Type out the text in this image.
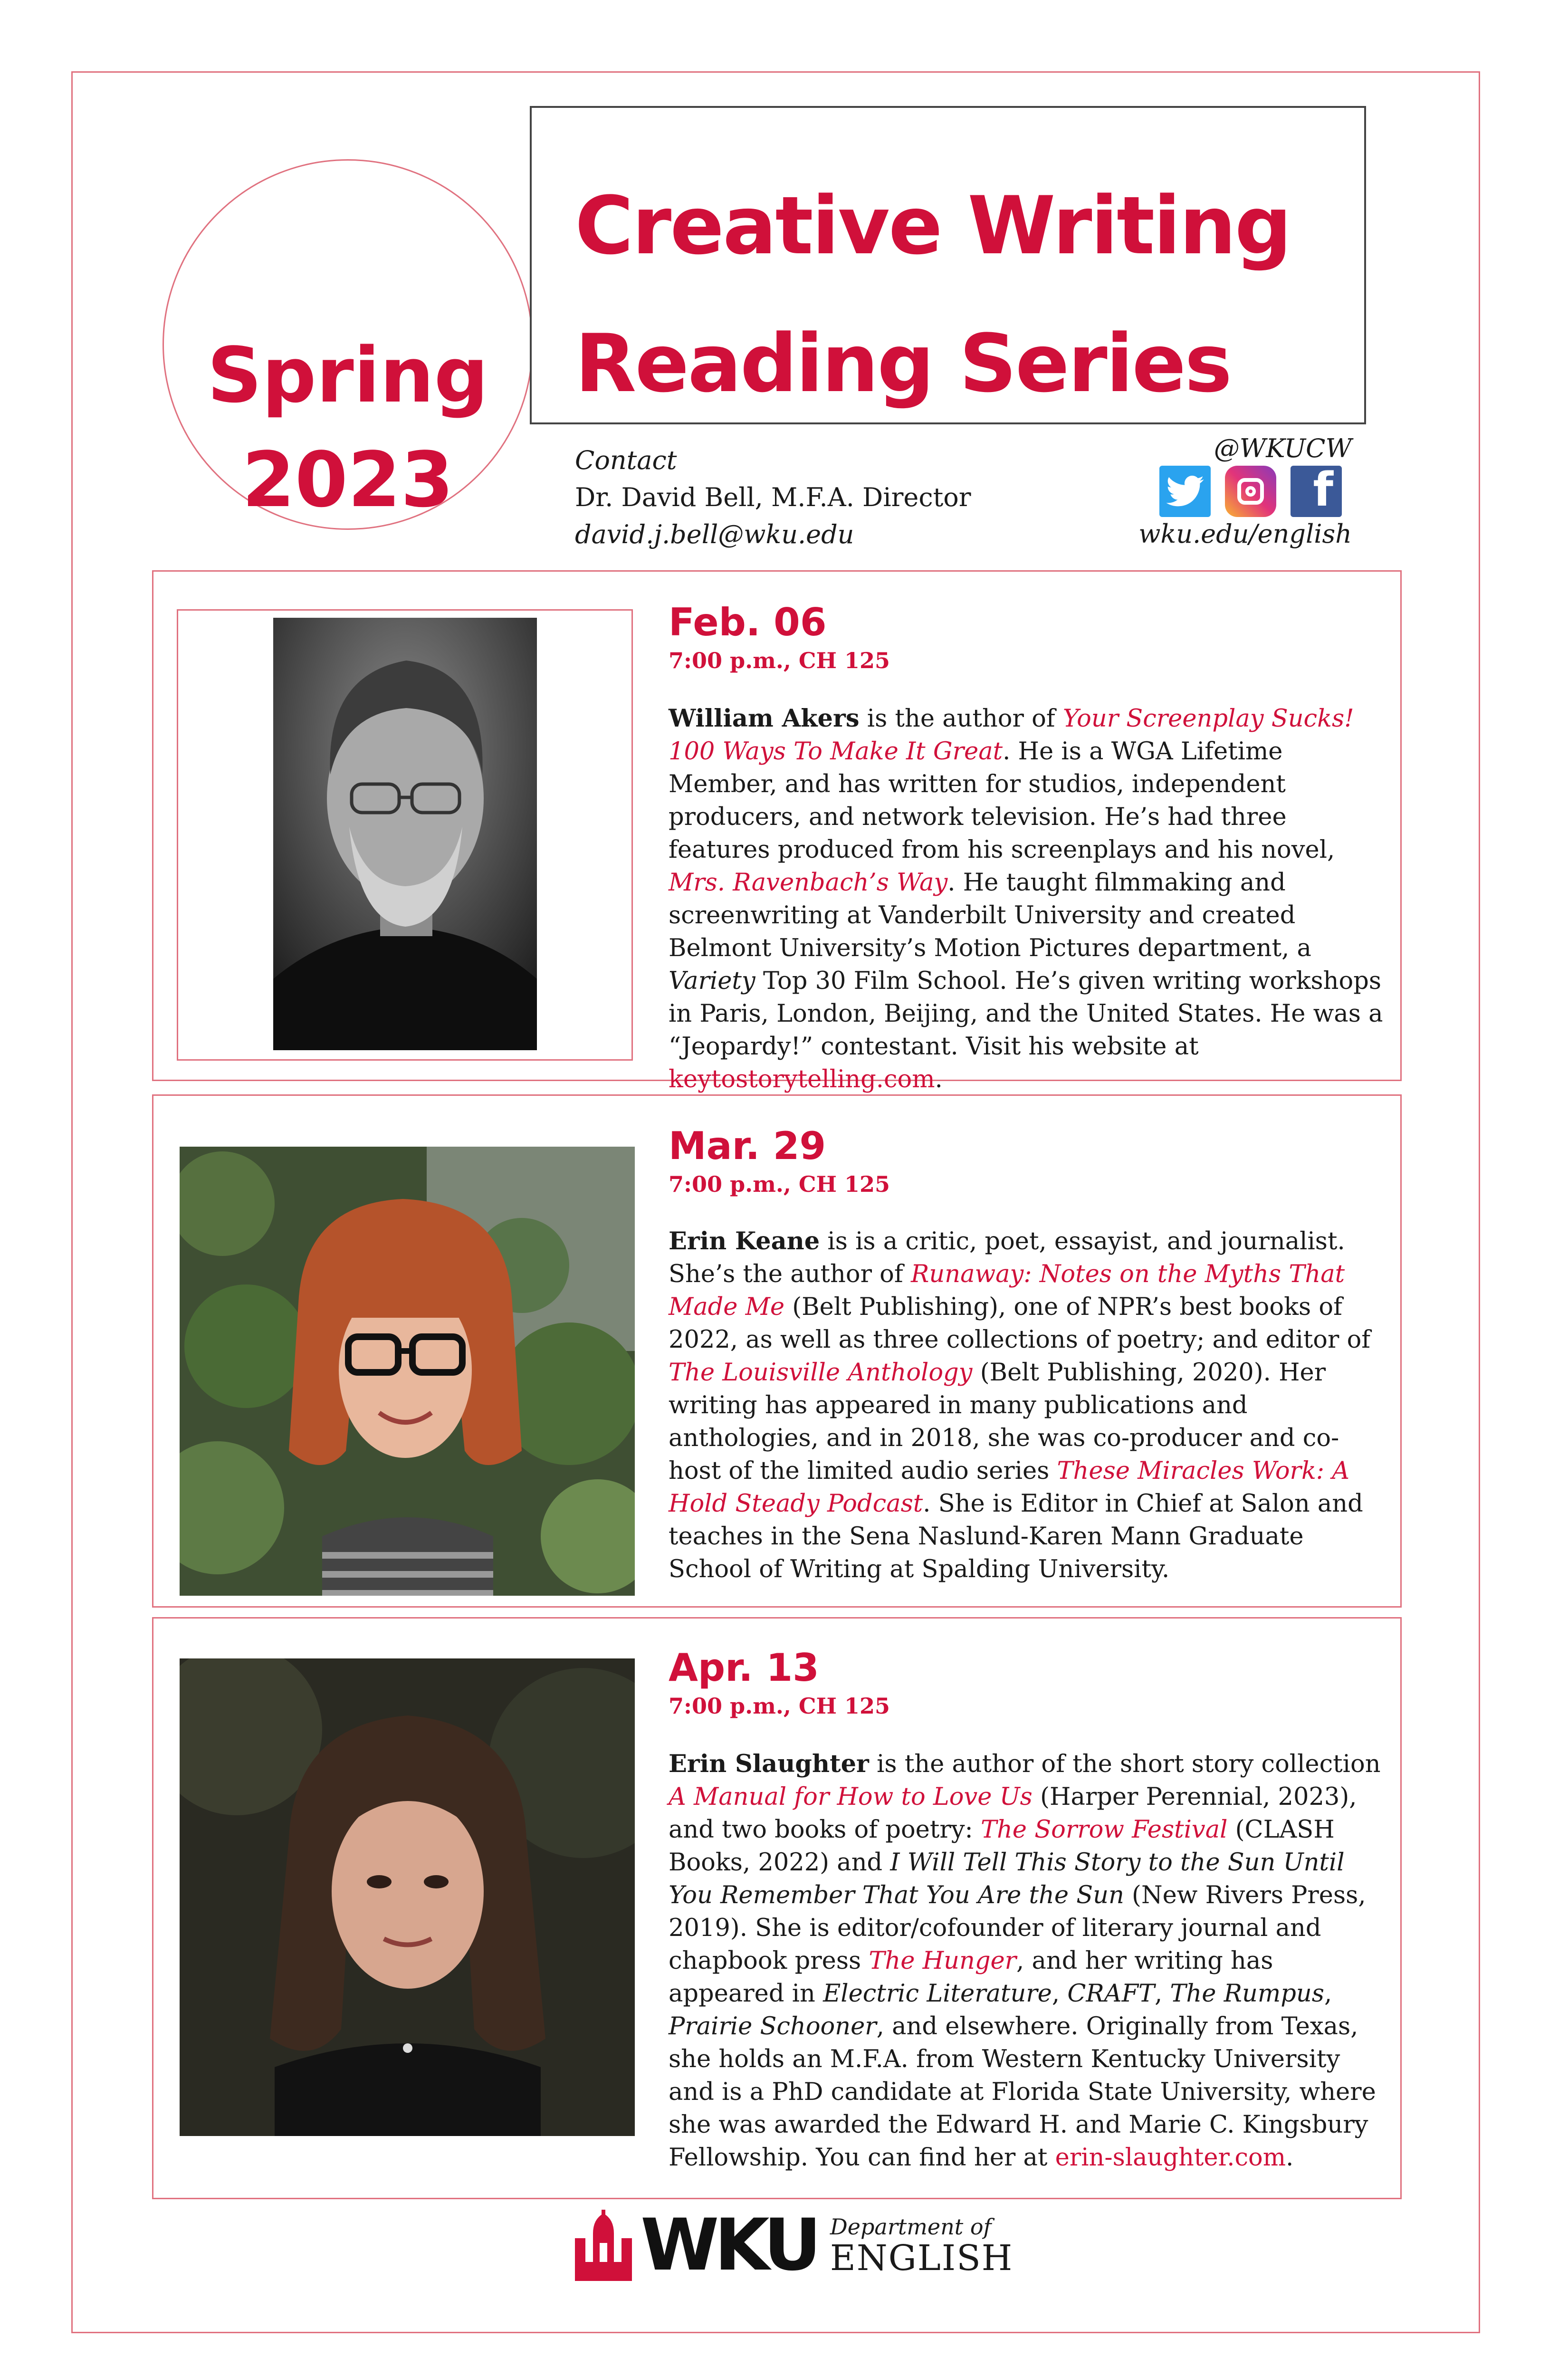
Spring
2023
Creative Writing
Reading Series
Contact
Dr. David Bell, M.F.A. Director
david.j.bell@wku.edu
@WKUCW
f
wku.edu/english
Feb. 06
7:00 p.m., CH 125
William Akers is the author of Your Screenplay Sucks! 100 Ways To Make It Great. He is a WGA Lifetime Member, and has written for studios, independent producers, and network television. He’s had three features produced from his screenplays and his novel, Mrs. Ravenbach’s Way. He taught filmmaking and screenwriting at Vanderbilt University and created Belmont University’s Motion Pictures department, a Variety Top 30 Film School. He’s given writing workshops in Paris, London, Beijing, and the United States. He was a “Jeopardy!” contestant. Visit his website at keytostorytelling.com.
Mar. 29
7:00 p.m., CH 125
Erin Keane is is a critic, poet, essayist, and journalist. She’s the author of Runaway: Notes on the Myths That Made Me (Belt Publishing), one of NPR’s best books of 2022, as well as three collections of poetry; and editor of The Louisville Anthology (Belt Publishing, 2020). Her writing has appeared in many publications and anthologies, and in 2018, she was co-producer and co-host of the limited audio series These Miracles Work: A Hold Steady Podcast. She is Editor in Chief at Salon and teaches in the Sena Naslund-Karen Mann Graduate School of Writing at Spalding University.
Apr. 13
7:00 p.m., CH 125
Erin Slaughter is the author of the short story collection A Manual for How to Love Us (Harper Perennial, 2023), and two books of poetry: The Sorrow Festival (CLASH Books, 2022) and I Will Tell This Story to the Sun Until You Remember That You Are the Sun (New Rivers Press, 2019). She is editor/cofounder of literary journal and chapbook press The Hunger, and her writing has appeared in Electric Literature, CRAFT, The Rumpus, Prairie Schooner, and elsewhere. Originally from Texas, she holds an M.F.A. from Western Kentucky University and is a PhD candidate at Florida State University, where she was awarded the Edward H. and Marie C. Kingsbury Fellowship. You can find her at erin-slaughter.com.
WKU Department of
ENGLISH
